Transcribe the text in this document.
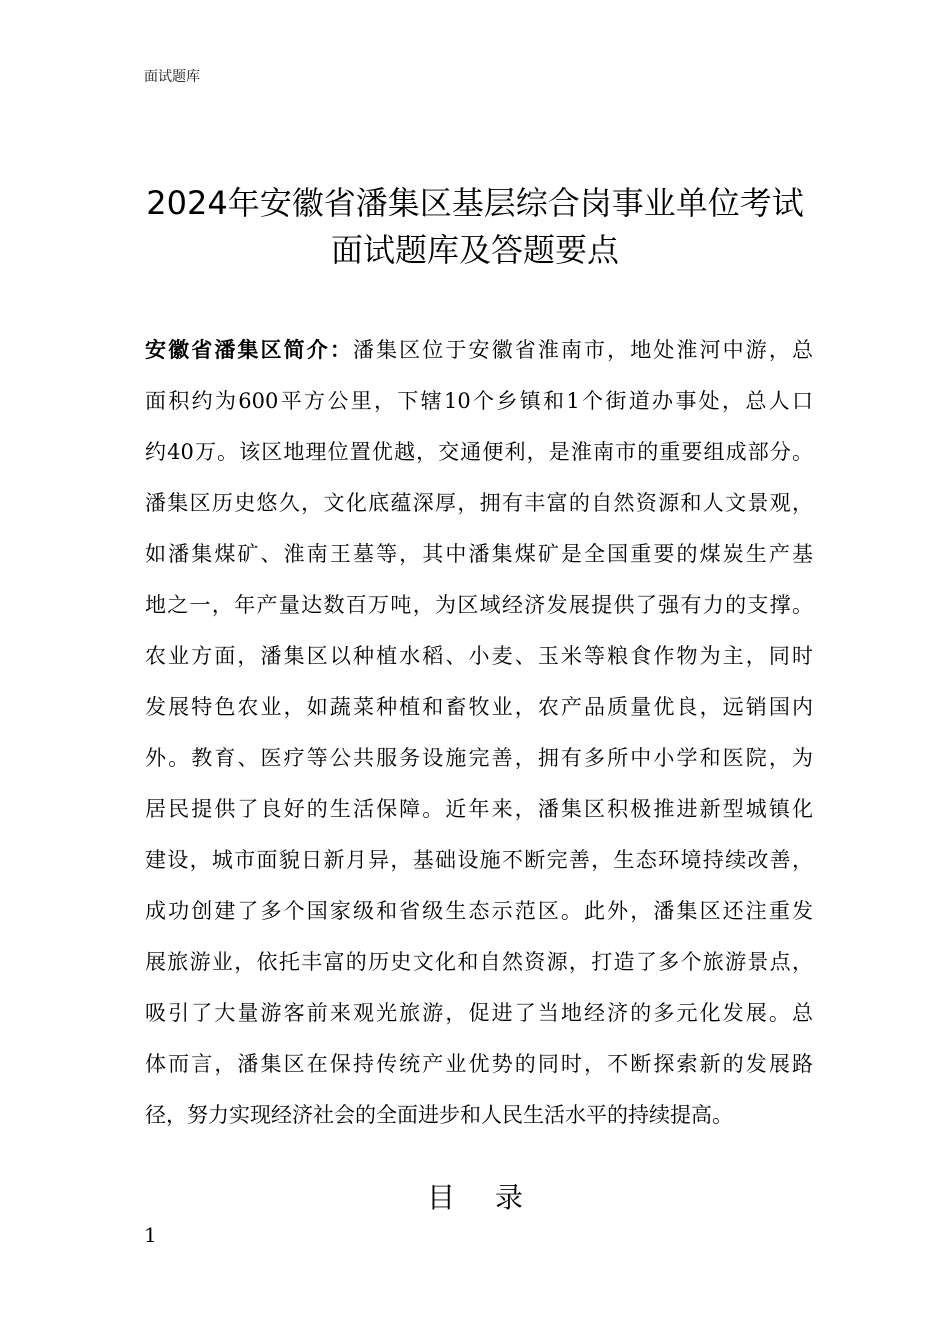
面试题库
2024年安徽省潘集区基层综合岗事业单位考试
面试题库及答题要点
安徽省潘集区简介：潘集区位于安徽省淮南市，地处淮河中游，总
面积约为600平方公里，下辖10个乡镇和1个街道办事处，总人口
约40万。该区地理位置优越，交通便利，是淮南市的重要组成部分。
潘集区历史悠久，文化底蕴深厚，拥有丰富的自然资源和人文景观，
如潘集煤矿、淮南王墓等，其中潘集煤矿是全国重要的煤炭生产基
地之一，年产量达数百万吨，为区域经济发展提供了强有力的支撑。
农业方面，潘集区以种植水稻、小麦、玉米等粮食作物为主，同时
发展特色农业，如蔬菜种植和畜牧业，农产品质量优良，远销国内
外。教育、医疗等公共服务设施完善，拥有多所中小学和医院，为
居民提供了良好的生活保障。近年来，潘集区积极推进新型城镇化
建设，城市面貌日新月异，基础设施不断完善，生态环境持续改善，
成功创建了多个国家级和省级生态示范区。此外，潘集区还注重发
展旅游业，依托丰富的历史文化和自然资源，打造了多个旅游景点，
吸引了大量游客前来观光旅游，促进了当地经济的多元化发展。总
体而言，潘集区在保持传统产业优势的同时，不断探索新的发展路
径，努力实现经济社会的全面进步和人民生活水平的持续提高。
目录
1
